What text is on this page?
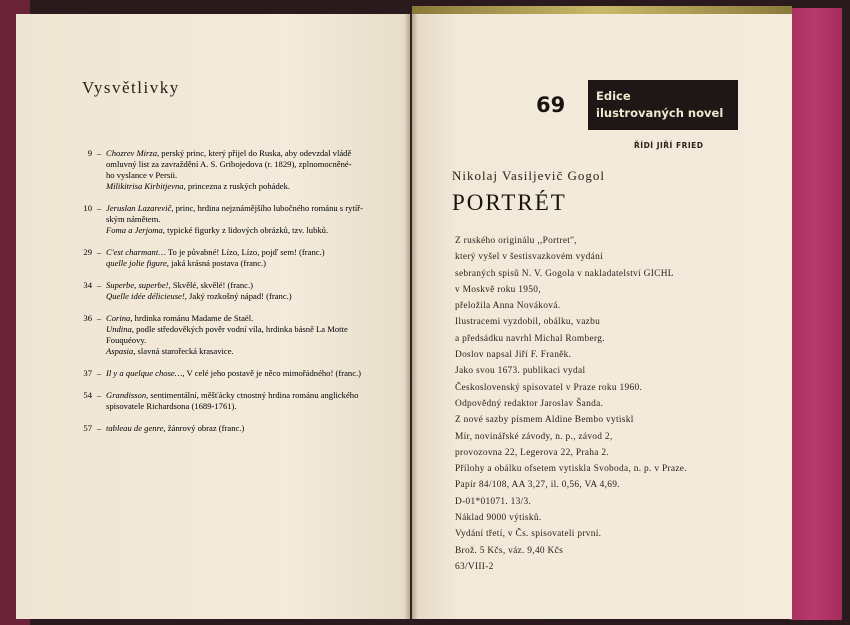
Vysvětlivky
9 – Chozrev Mirza, perský princ, který přijel do Ruska, aby odevzdal vládě
omluvný list za zavraždění A. S. Gribojedova (r. 1829), zplnomocněné-
ho vyslance v Persii.
Milikitrisa Kirbitjevna, princezna z ruských pohádek.
10 – Jeruslan Lazarevič, princ, hrdina nejznámějšího lubočného románu s rytíř-
ským námětem.
Foma a Jerjoma, typické figurky z lidových obrázků, tzv. lubků.
29 – C'est charmant… To je půvabné! Lízo, Lízo, pojď sem! (franc.)
quelle jolie figure, jaká krásná postava (franc.)
34 – Superbe, superbe!, Skvělé, skvělé! (franc.)
Quelle idée délicieuse!, Jaký rozkošný nápad! (franc.)
36 – Corina, hrdinka románu Madame de Staël.
Undina, podle středověkých pověr vodní víla, hrdinka básně La Motte
Fouquéovy.
Aspasia, slavná starořecká krasavice.
37 – Il y a quelque chose…, V celé jeho postavě je něco mimořádného! (franc.)
54 – Grandisson, sentimentální, měšťácky ctnostný hrdina románu anglického
spisovatele Richardsona (1689-1761).
57 – tableau de genre, žánrový obraz (franc.)
69	Edice
ilustrovaných novel
ŘÍDÍ JIŘÍ FRIED
Nikolaj Vasiljevič Gogol
PORTRÉT
Z ruského originálu ,,Portret'',
který vyšel v šestisvazkovém vydání
sebraných spisů N. V. Gogola v nakladatelství GICHL
v Moskvě roku 1950,
přeložila Anna Nováková.
Ilustracemi vyzdobil, obálku, vazbu
a předsádku navrhl Michal Romberg.
Doslov napsal Jiří F. Franěk.
Jako svou 1673. publikaci vydal
Československý spisovatel v Praze roku 1960.
Odpovědný redaktor Jaroslav Šanda.
Z nové sazby písmem Aldine Bembo vytiskl
Mír, novinářské závody, n. p., závod 2,
provozovna 22, Legerova 22, Praha 2.
Přílohy a obálku ofsetem vytiskla Svoboda, n. p. v Praze.
Papír 84/108, AA 3,27, il. 0,56, VA 4,69.
D-01*01071. 13/3.
Náklad 9000 výtisků.
Vydání třetí, v Čs. spisovateli první.
Brož. 5 Kčs, váz. 9,40 Kčs
63/VIII-2
